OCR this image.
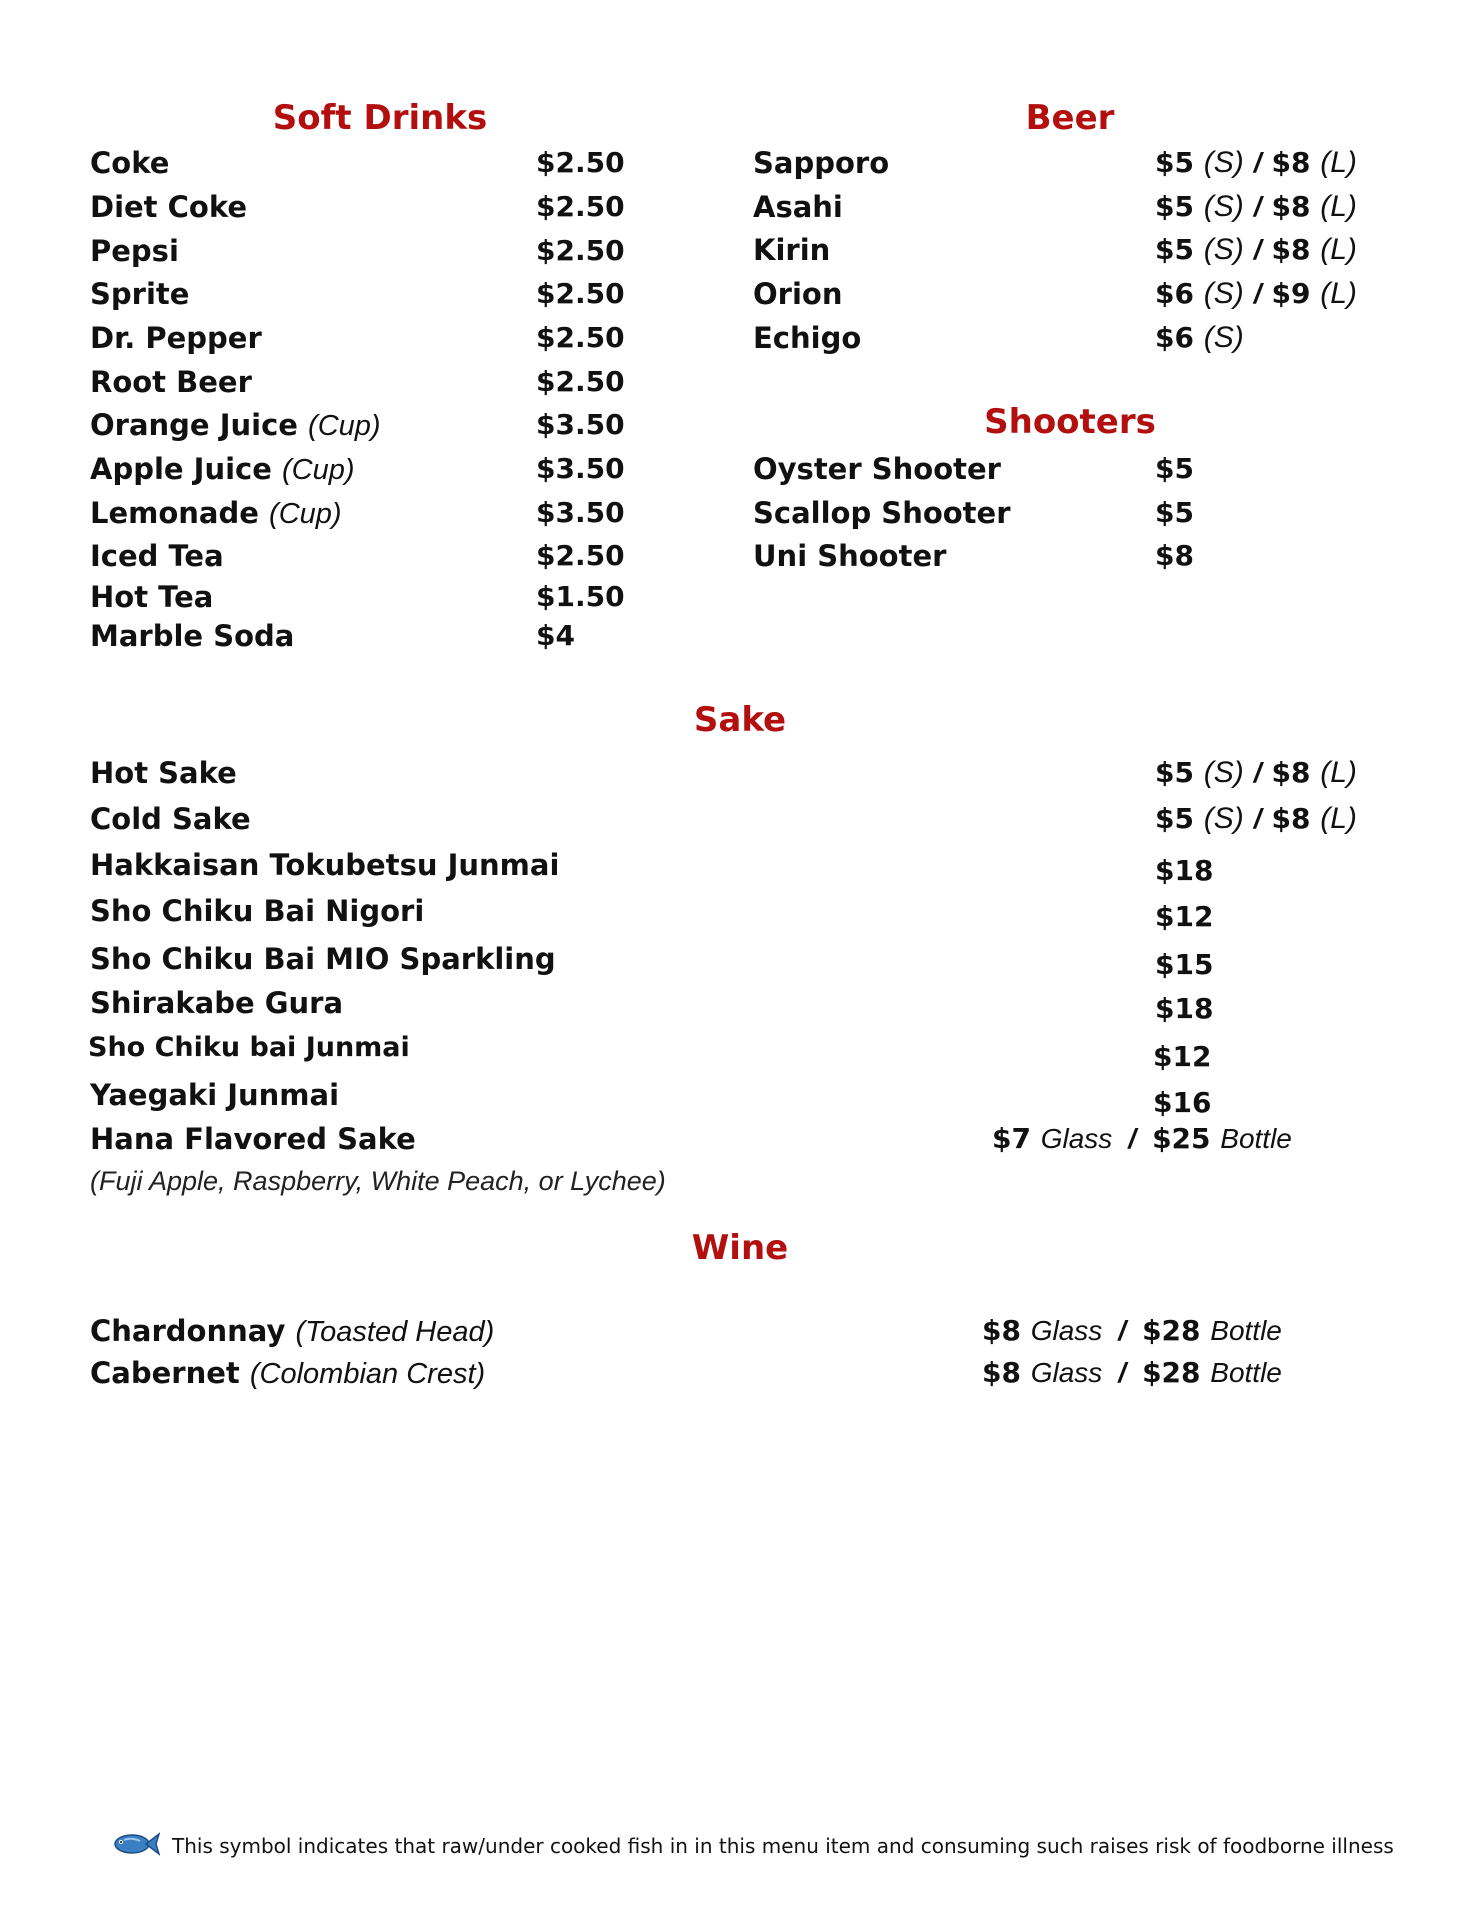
Soft Drinks	Beer
Shooters
Sake
Wine
Coke	$2.50
Diet Coke	$2.50
Pepsi	$2.50
Sprite	$2.50
Dr. Pepper	$2.50
Root Beer	$2.50
Orange Juice (Cup)	$3.50
Apple Juice (Cup)	$3.50
Lemonade (Cup)	$3.50
Iced Tea	$2.50
Hot Tea	$1.50
Marble Soda	$4
Sapporo	$5 (S) / $8 (L)
Asahi	$5 (S) / $8 (L)
Kirin	$5 (S) / $8 (L)
Orion	$6 (S) / $9 (L)
Echigo	$6 (S)
Oyster Shooter	$5
Scallop Shooter	$5
Uni Shooter	$8
Hot Sake	$5 (S) / $8 (L)
Cold Sake	$5 (S) / $8 (L)
Hakkaisan Tokubetsu Junmai	$18
Sho Chiku Bai Nigori	$12
Sho Chiku Bai MIO Sparkling	$15
Shirakabe Gura	$18
Sho Chiku bai Junmai	$12
Yaegaki Junmai	$16
Hana Flavored Sake	$7 Glass / $25 Bottle
(Fuji Apple, Raspberry, White Peach, or Lychee)
Chardonnay (Toasted Head)	$8 Glass / $28 Bottle
Cabernet (Colombian Crest)	$8 Glass / $28 Bottle
This symbol indicates that raw/under cooked fish in in this menu item and consuming such raises risk of foodborne illness
